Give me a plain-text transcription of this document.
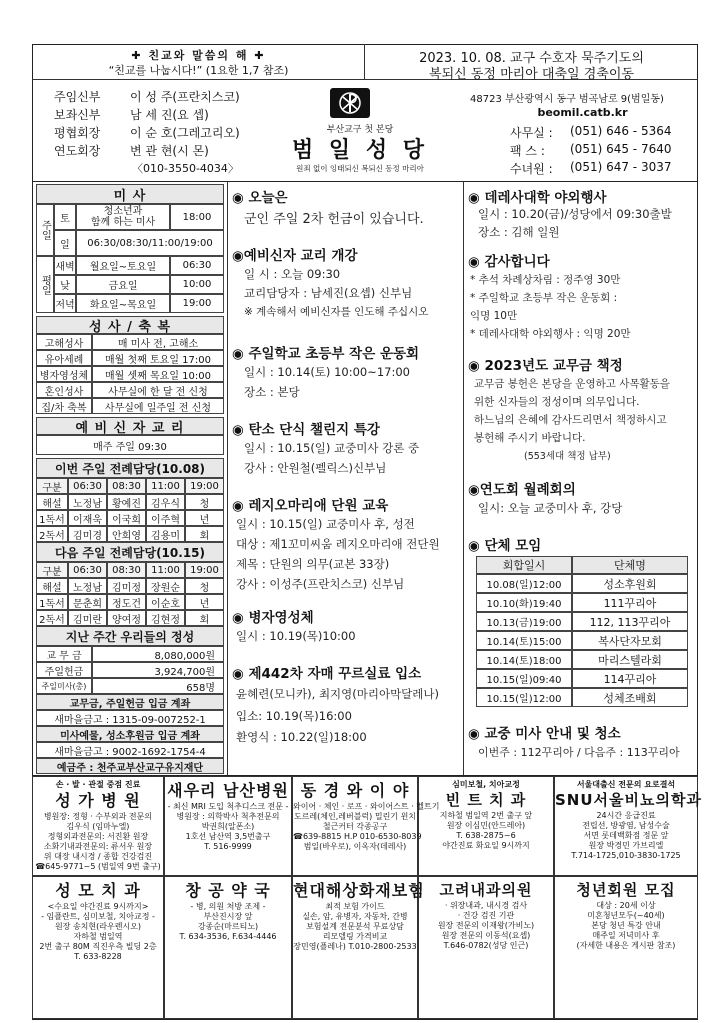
✚ 친교와 말씀의 해 ✚
“친교를 나눕시다!” (1요한 1,7 참조)
2023. 10. 08. 교구 수호자 묵주기도의
복되신 동정 마리아 대축일 경축이동
주임신부 이 성 주(프란치스코)
보좌신부 남 세 진(요 셉)
평협회장 이 순 호(그레고리오)
연도회장 변 관 현(시 몬)
〈010-3550-4034〉
부산교구 첫 본당
범 일 성 당
원죄 없이 잉태되신 복되신 동정 마리아
48723 부산광역시 동구 범곡남로 9(범일동)
beomil.catb.kr
사무실 : (051) 646 - 5364
팩 스 : (051) 645 - 7640
수녀원 : (051) 647 - 3037
미 사
주일
토
청소년과
함께 하는 미사	18:00
일	06:30/08:30/11:00/19:00
평일
새벽	월요일~토요일	06:30
낮	금요일	10:00
저녁	화요일~목요일	19:00
성 사 / 축 복
고해성사	매 미사 전, 고해소
유아세례	매월 첫째 토요일 17:00
병자영성체	매월 셋째 목요일 10:00
혼인성사	사무실에 한 달 전 신청
집/차 축복	사무실에 일주일 전 신청
예 비 신 자 교 리
매주 주일 09:30
이번 주일 전례담당(10.08)
구분	06:30	08:30	11:00	19:00
해설	노정남	황예진	김우식	청
1독서 이재욱	이국희	이주혁	년
2독서 김미경	안희영	김용미	회
다음 주일 전례담당(10.15)
구분	06:30	08:30	11:00	19:00
해설	노정남	김미정	장원순	청
1독서 문춘희	정도건	이순호	년
2독서 김미란	양여정	김현정	회
지난 주간 우리들의 정성
교 무 금	8,080,000원
주일헌금	3,924,700원
주일미사(총)	658명
교무금, 주일헌금 입금 계좌
새마을금고 : 1315-09-007252-1
미사예물, 성소후원금 입금 계좌
새마을금고 : 9002-1692-1754-4
예금주 : 천주교부산교구유지재단
◉ 오늘은
군인 주일 2차 헌금이 있습니다.
◉예비신자 교리 개강
일 시 : 오늘 09:30
교리담당자 : 남세진(요셉) 신부님
※ 계속해서 예비신자를 인도해 주십시오
◉ 주일학교 초등부 작은 운동회
일시 : 10.14(토) 10:00~17:00
장소 : 본당
◉ 탄소 단식 챌린지 특강
일시 : 10.15(일) 교중미사 강론 중
강사 : 안원철(펠릭스)신부님
◉ 레지오마리애 단원 교육
일시 : 10.15(일) 교중미사 후, 성전
대상 : 제1꼬미씨움 레지오마리애 전단원
제목 : 단원의 의무(교본 33장)
강사 : 이성주(프란치스코) 신부님
◉ 병자영성체
일시 : 10.19(목)10:00
◉ 제442차 자매 꾸르실료 입소
윤혜련(모니카), 최지영(마리아막달레나)
입소: 10.19(목)16:00
환영식 : 10.22(일)18:00
◉ 데레사대학 야외행사
일시 : 10.20(금)/성당에서 09:30출발
장소 : 김해 일원
◉ 감사합니다
* 추석 차례상차림 : 정주영 30만
* 주일학교 초등부 작은 운동회 :
익명 10만
* 데레사대학 야외행사 : 익명 20만
◉ 2023년도 교무금 책정
교무금 봉헌은 본당을 운영하고 사목활동을
위한 신자들의 정성이며 의무입니다.
하느님의 은혜에 감사드리면서 책정하시고
봉헌해 주시기 바랍니다.
(553세대 책정 납부)
◉연도회 월례회의
일시: 오늘 교중미사 후, 강당
◉ 단체 모임
회합일시	단체명
10.08(일)12:00	성소후원회
10.10(화)19:40	111꾸리아
10.13(금)19:00	112, 113꾸리아
10.14(토)15:00	복사단자모회
10.14(토)18:00	마리스텔라회
10.15(일)09:40	114꾸리아
10.15(일)12:00	성체조배회
◉ 교중 미사 안내 및 청소
이번주 : 112꾸리아 / 다음주 : 113꾸리아
손 · 발 · 관절 중점 진료
성 가 병 원
병원장: 정형 · 수부외과 전문의
김우식 (임마누엘)
정형외과전문의: 서진환 원장
소화기내과전문의: 류서우 원장
위 대장 내시경 / 종합 건강검진
☎645-9771~5 (범일역 9번 출구)
새우리 남산병원
- 최신 MRI 도입 척추디스크 전문 -
병원장 : 의학박사 척추전문의
박권희(알폰소)
1호선 남산역 3,5번출구
T. 516-9999
동 경 와 이 야
와이어 · 체인 · 로프 · 와이어스트 · 벨트기
도르레(체인,레버블럭) 밀린기 윈치
철근커터 각종공구
☎639-8815 H.P 010-6530-8039
범일(바우로), 이옥자(데레사)
심미보철, 치아교정
빈 트 치 과
지하철 범일역 2번 출구 앞
원장 이심민(안드레아)
T. 638-2875~6
야간진료 화요일 9시까지
서울대출신 전문의 요로결석
SNU서울비뇨의학과
24시간 응급진료
전립선, 방광염, 남성수술
서면 롯데백화점 정문 앞
원장 박경민 가브리엘
T.714-1725,010-3830-1725
성 모 치 과
<수요일 야간진료 9시까지>
- 임플란트, 심미보철, 치아교정 -
원장 송치현(라우렌시오)
자하철 범일역
2번 출구 80M 직진우측 빌딩 2층
T. 633-8228
창 공 약 국
- 병, 의원 처방 조제 -
부산진시장 앞
강종순(마르티노)
T. 634-3536, F.634-4446
현대해상화재보험
최적 보험 가이드
실손, 암, 유병자, 자동차, 간병
보험설계 전문분석 무료상담
리모델링 가격비교
장민영(플레나) T.010-2800-2533
고려내과의원
· 위장내과, 내시경 검사
· 건강 검진 기관
원장 전문의 이재왕(가비노)
원장 전문의 이동석(요셉)
T.646-0782(성당 인근)
청년회원 모집
대상 : 20세 이상
미혼청년모두(~40세)
본당 청년 특강 안내
매주일 저녁미사 후
(자세한 내용은 게시판 참조)
